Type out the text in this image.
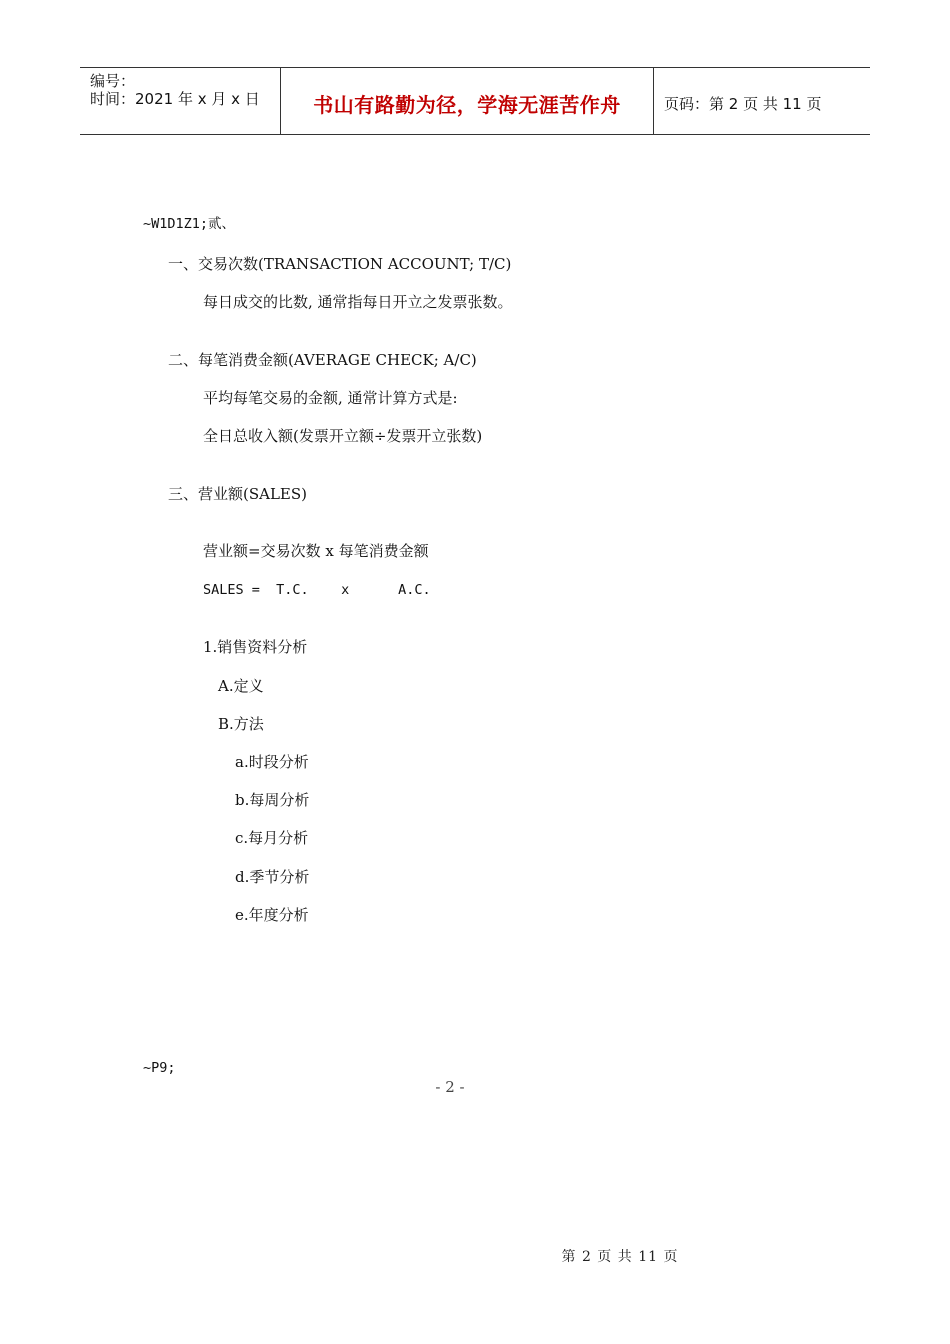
编号：
时间：2021 年 x 月 x 日	书山有路勤为径，学海无涯苦作舟	页码：第 2 页 共 11 页
~W1D1Z1;贰、
一、交易次数(TRANSACTION ACCOUNT; T/C)
每日成交的比数, 通常指每日开立之发票张数。
二、每笔消费金额(AVERAGE CHECK; A/C)
平均每笔交易的金额, 通常计算方式是:
全日总收入额(发票开立额÷发票开立张数)
三、营业额(SALES)
营业额=交易次数 x 每笔消费金额
SALES =  T.C.    x      A.C.
1.销售资料分析
A.定义
B.方法
a.时段分析
b.每周分析
c.每月分析
d.季节分析
e.年度分析
~P9;
- 2 -
第 2 页 共 11 页
